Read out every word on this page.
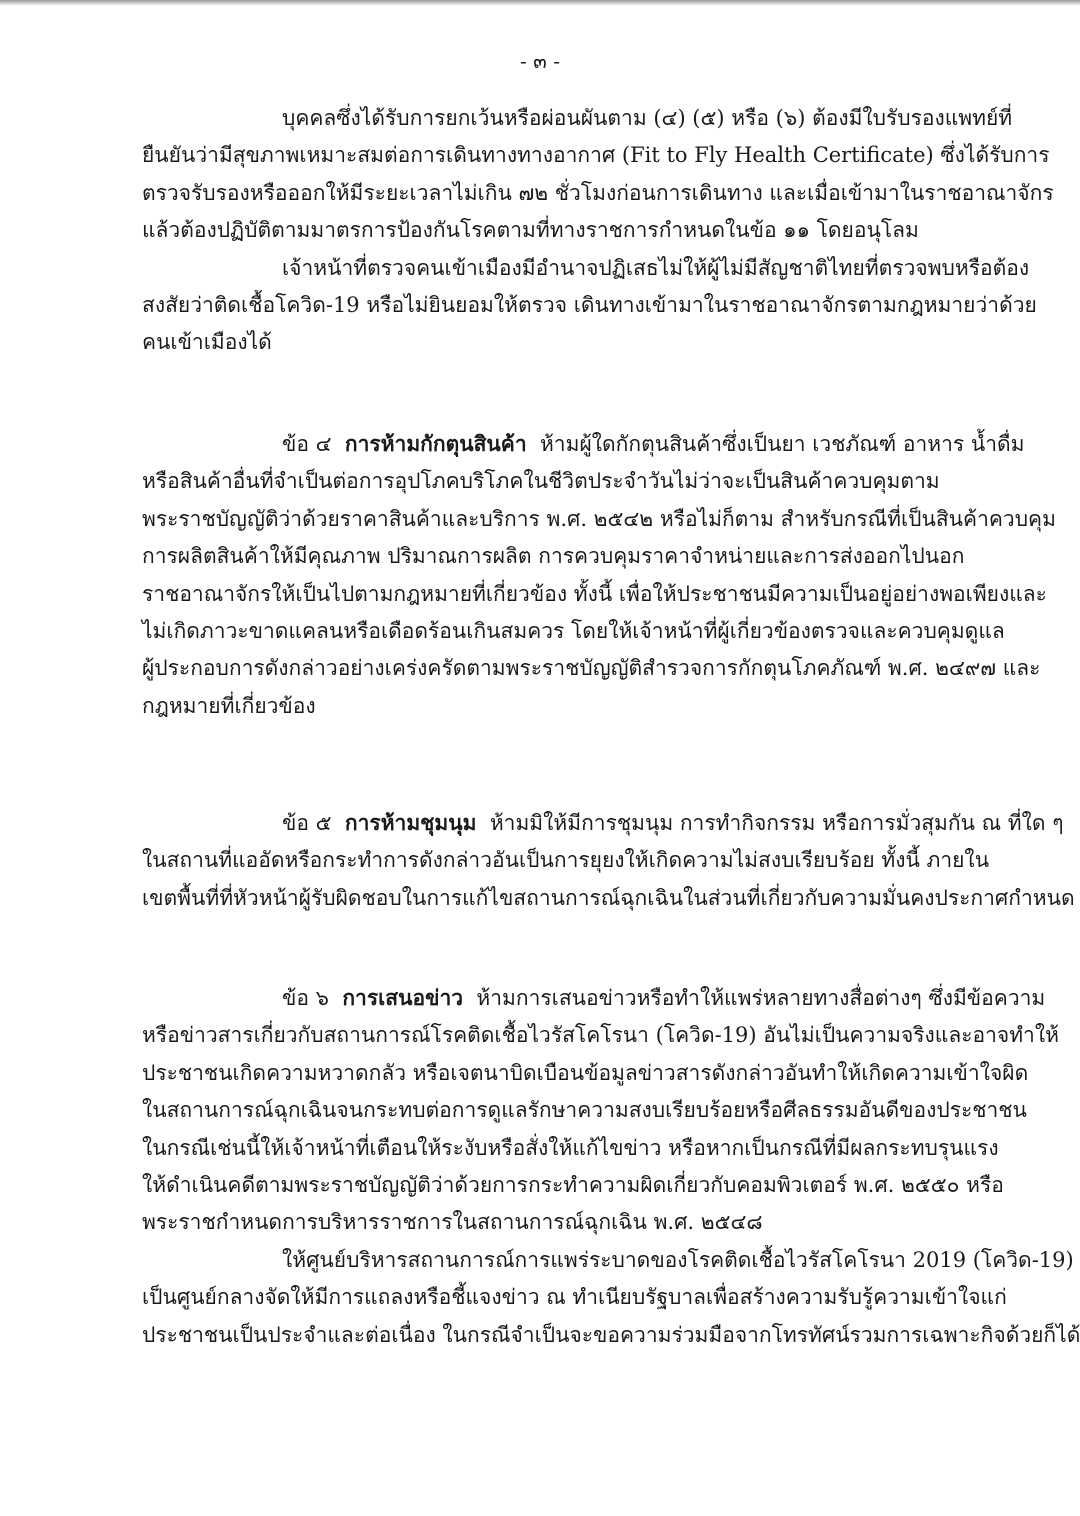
- ๓ -
บุคคลซึ่งได้รับการยกเว้นหรือผ่อนผันตาม (๔) (๕) หรือ (๖) ต้องมีใบรับรองแพทย์ที่
ยืนยันว่ามีสุขภาพเหมาะสมต่อการเดินทางทางอากาศ (Fit to Fly Health Certificate) ซึ่งได้รับการ
ตรวจรับรองหรือออกให้มีระยะเวลาไม่เกิน ๗๒ ชั่วโมงก่อนการเดินทาง และเมื่อเข้ามาในราชอาณาจักร
แล้วต้องปฏิบัติตามมาตรการป้องกันโรคตามที่ทางราชการกำหนดในข้อ ๑๑ โดยอนุโลม
เจ้าหน้าที่ตรวจคนเข้าเมืองมีอำนาจปฏิเสธไม่ให้ผู้ไม่มีสัญชาติไทยที่ตรวจพบหรือต้อง
สงสัยว่าติดเชื้อโควิด-19 หรือไม่ยินยอมให้ตรวจ เดินทางเข้ามาในราชอาณาจักรตามกฎหมายว่าด้วย
คนเข้าเมืองได้
ข้อ ๔ การห้ามกักตุนสินค้า ห้ามผู้ใดกักตุนสินค้าซึ่งเป็นยา เวชภัณฑ์ อาหาร น้ำดื่ม
หรือสินค้าอื่นที่จำเป็นต่อการอุปโภคบริโภคในชีวิตประจำวันไม่ว่าจะเป็นสินค้าควบคุมตาม
พระราชบัญญัติว่าด้วยราคาสินค้าและบริการ พ.ศ. ๒๕๔๒ หรือไม่ก็ตาม สำหรับกรณีที่เป็นสินค้าควบคุม
การผลิตสินค้าให้มีคุณภาพ ปริมาณการผลิต การควบคุมราคาจำหน่ายและการส่งออกไปนอก
ราชอาณาจักรให้เป็นไปตามกฎหมายที่เกี่ยวข้อง ทั้งนี้ เพื่อให้ประชาชนมีความเป็นอยู่อย่างพอเพียงและ
ไม่เกิดภาวะขาดแคลนหรือเดือดร้อนเกินสมควร โดยให้เจ้าหน้าที่ผู้เกี่ยวข้องตรวจและควบคุมดูแล
ผู้ประกอบการดังกล่าวอย่างเคร่งครัดตามพระราชบัญญัติสำรวจการกักตุนโภคภัณฑ์ พ.ศ. ๒๔๙๗ และ
กฎหมายที่เกี่ยวข้อง
ข้อ ๕ การห้ามชุมนุม ห้ามมิให้มีการชุมนุม การทำกิจกรรม หรือการมั่วสุมกัน ณ ที่ใด ๆ
ในสถานที่แออัดหรือกระทำการดังกล่าวอันเป็นการยุยงให้เกิดความไม่สงบเรียบร้อย ทั้งนี้ ภายใน
เขตพื้นที่ที่หัวหน้าผู้รับผิดชอบในการแก้ไขสถานการณ์ฉุกเฉินในส่วนที่เกี่ยวกับความมั่นคงประกาศกำหนด
ข้อ ๖ การเสนอข่าว ห้ามการเสนอข่าวหรือทำให้แพร่หลายทางสื่อต่างๆ ซึ่งมีข้อความ
หรือข่าวสารเกี่ยวกับสถานการณ์โรคติดเชื้อไวรัสโคโรนา (โควิด-19) อันไม่เป็นความจริงและอาจทำให้
ประชาชนเกิดความหวาดกลัว หรือเจตนาบิดเบือนข้อมูลข่าวสารดังกล่าวอันทำให้เกิดความเข้าใจผิด
ในสถานการณ์ฉุกเฉินจนกระทบต่อการดูแลรักษาความสงบเรียบร้อยหรือศีลธรรมอันดีของประชาชน
ในกรณีเช่นนี้ให้เจ้าหน้าที่เตือนให้ระงับหรือสั่งให้แก้ไขข่าว หรือหากเป็นกรณีที่มีผลกระทบรุนแรง
ให้ดำเนินคดีตามพระราชบัญญัติว่าด้วยการกระทำความผิดเกี่ยวกับคอมพิวเตอร์ พ.ศ. ๒๕๕๐ หรือ
พระราชกำหนดการบริหารราชการในสถานการณ์ฉุกเฉิน พ.ศ. ๒๕๔๘
ให้ศูนย์บริหารสถานการณ์การแพร่ระบาดของโรคติดเชื้อไวรัสโคโรนา 2019 (โควิด-19)
เป็นศูนย์กลางจัดให้มีการแถลงหรือชี้แจงข่าว ณ ทำเนียบรัฐบาลเพื่อสร้างความรับรู้ความเข้าใจแก่
ประชาชนเป็นประจำและต่อเนื่อง ในกรณีจำเป็นจะขอความร่วมมือจากโทรทัศน์รวมการเฉพาะกิจด้วยก็ได้
